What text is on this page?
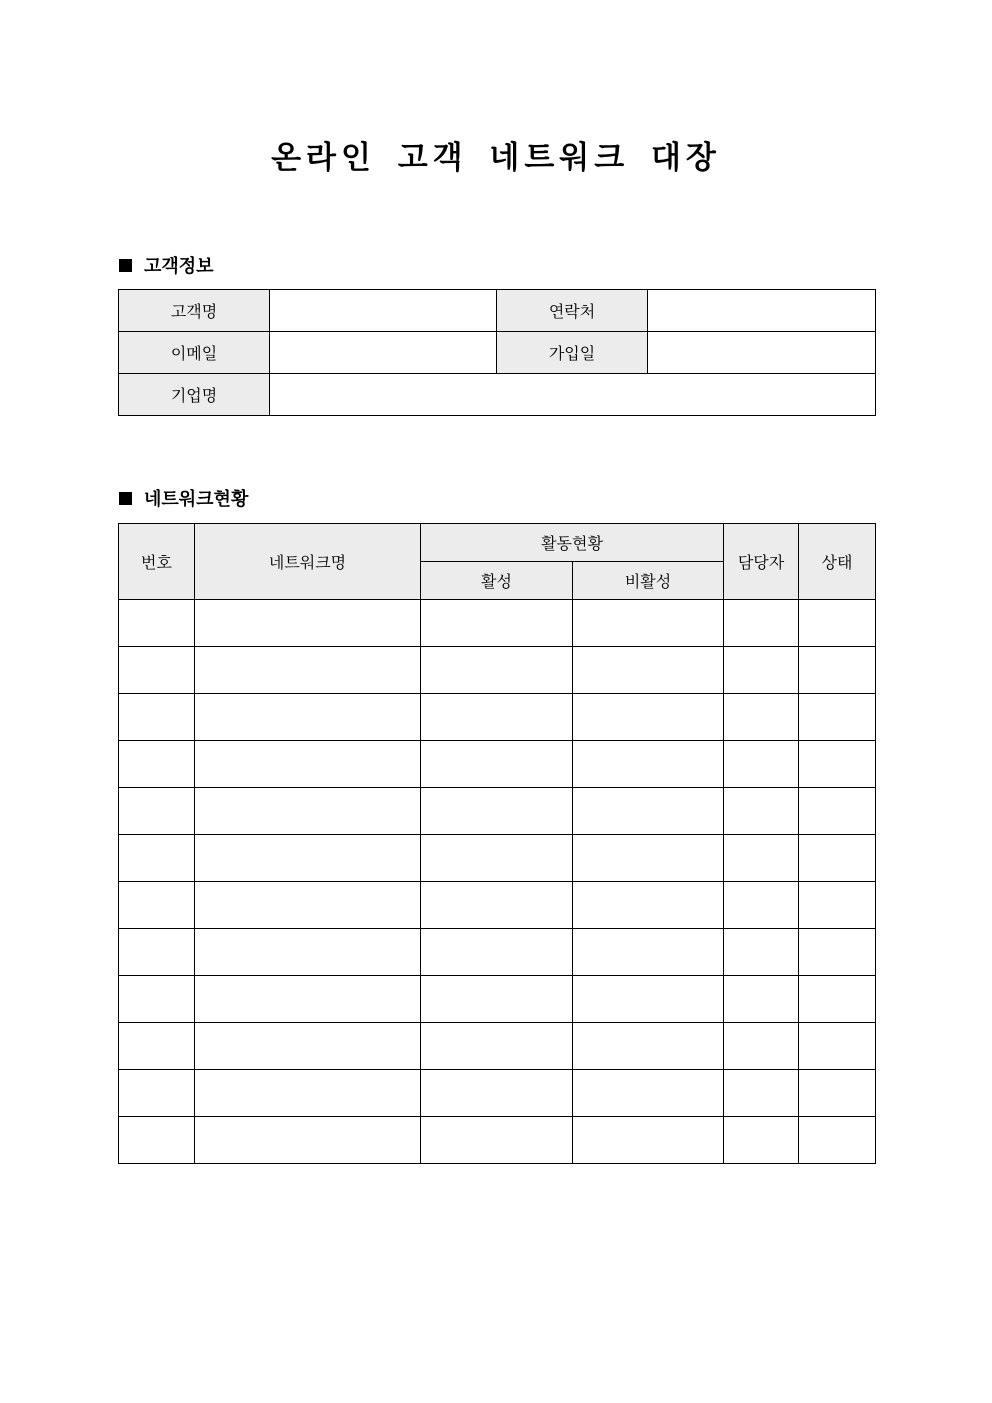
온라인 고객 네트워크 대장
고객정보
고객명		연락처	
이메일		가입일	
기업명			
네트워크현황
번호	네트워크명	활동현황		담당자	상태
		활성	비활성		
